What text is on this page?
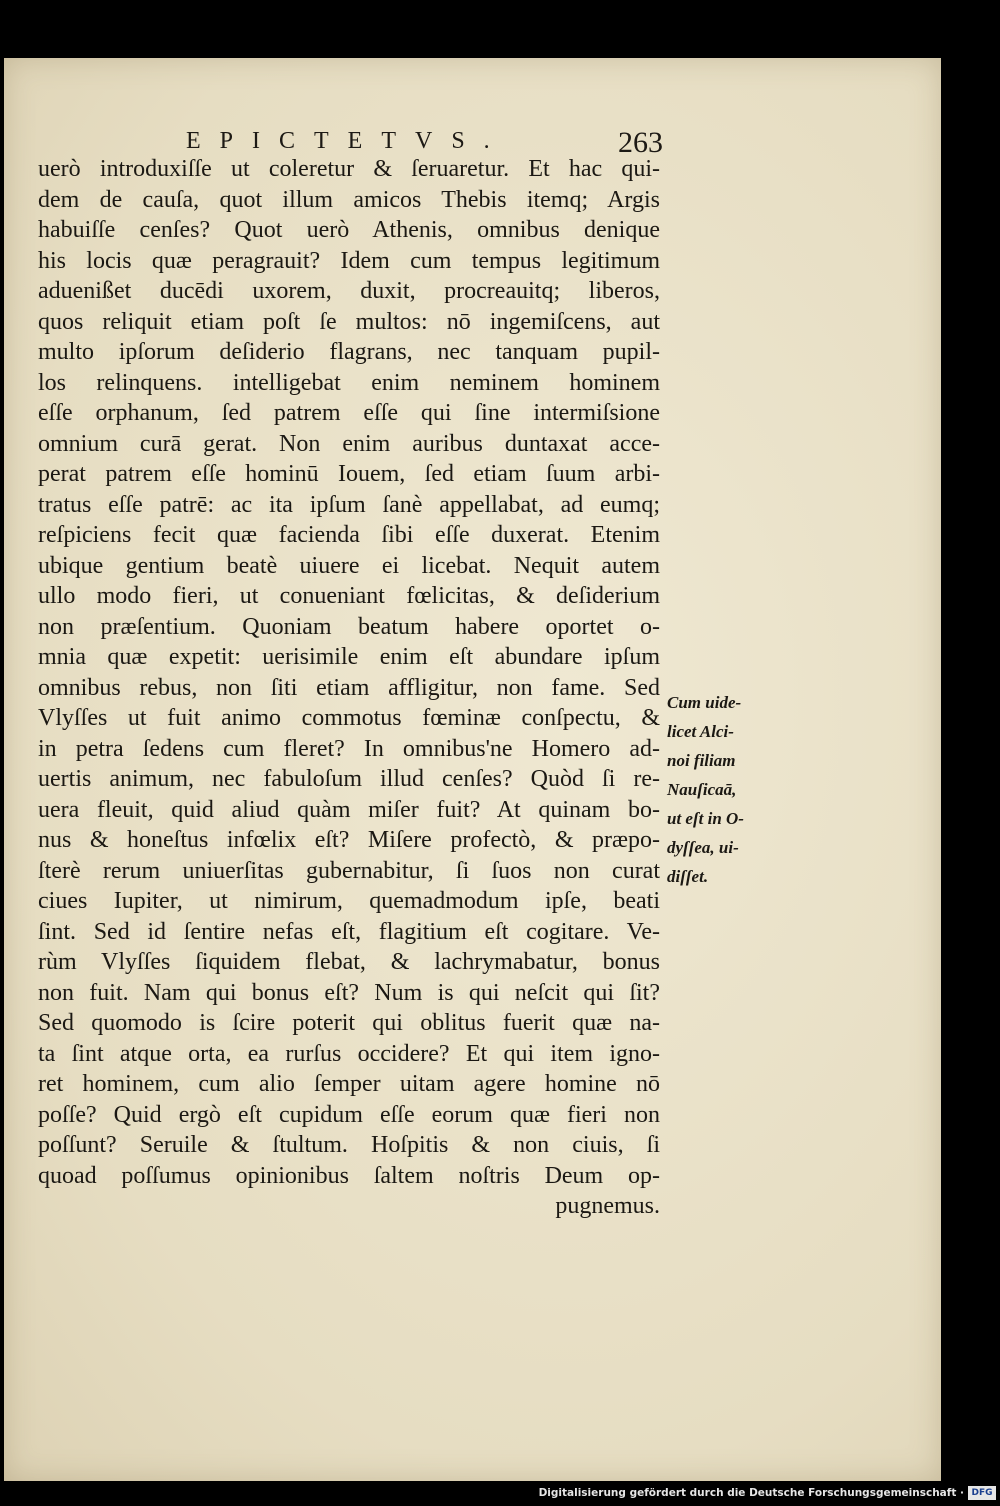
EPICTETVS.	263
uerò introduxiſſe ut coleretur & ſeruaretur. Et hac qui-
dem de cauſa, quot illum amicos Thebis itemq; Argis
habuiſſe cenſes? Quot uerò Athenis, omnibus denique
his locis quæ peragrauit? Idem cum tempus legitimum
aduenißet ducēdi uxorem, duxit, procreauitq; liberos,
quos reliquit etiam poſt ſe multos: nō ingemiſcens, aut
multo ipſorum deſiderio flagrans, nec tanquam pupil-
los relinquens. intelligebat enim neminem hominem
eſſe orphanum, ſed patrem eſſe qui ſine intermiſsione
omnium curā gerat. Non enim auribus duntaxat acce-
perat patrem eſſe hominū Iouem, ſed etiam ſuum arbi-
tratus eſſe patrē: ac ita ipſum ſanè appellabat, ad eumq;
reſpiciens fecit quæ facienda ſibi eſſe duxerat. Etenim
ubique gentium beatè uiuere ei licebat. Nequit autem
ullo modo fieri, ut conueniant fœlicitas, & deſiderium
non præſentium. Quoniam beatum habere oportet o-
mnia quæ expetit: uerisimile enim eſt abundare ipſum
omnibus rebus, non ſiti etiam affligitur, non fame. Sed
Vlyſſes ut fuit animo commotus fœminæ conſpectu, &
in petra ſedens cum fleret? In omnibus'ne Homero ad-
uertis animum, nec fabuloſum illud cenſes? Quòd ſi re-
uera fleuit, quid aliud quàm miſer fuit? At quinam bo-
nus & honeſtus infœlix eſt? Miſere profectò, & præpo-
ſterè rerum uniuerſitas gubernabitur, ſi ſuos non curat
ciues Iupiter, ut nimirum, quemadmodum ipſe, beati
ſint. Sed id ſentire nefas eſt, flagitium eſt cogitare. Ve-
rùm Vlyſſes ſiquidem flebat, & lachrymabatur, bonus
non fuit. Nam qui bonus eſt? Num is qui neſcit qui ſit?
Sed quomodo is ſcire poterit qui oblitus fuerit quæ na-
ta ſint atque orta, ea rurſus occidere? Et qui item igno-
ret hominem, cum alio ſemper uitam agere homine nō
poſſe? Quid ergò eſt cupidum eſſe eorum quæ fieri non
poſſunt? Seruile & ſtultum. Hoſpitis & non ciuis, ſi
quoad poſſumus opinionibus ſaltem noſtris Deum op-
pugnemus.
Cum uide-
licet Alci-
noi filiam
Nauſicaā,
ut eſt in O-
dyſſea, ui-
diſſet.
Digitalisierung gefördert durch die Deutsche Forschungsgemeinschaft · DFG
